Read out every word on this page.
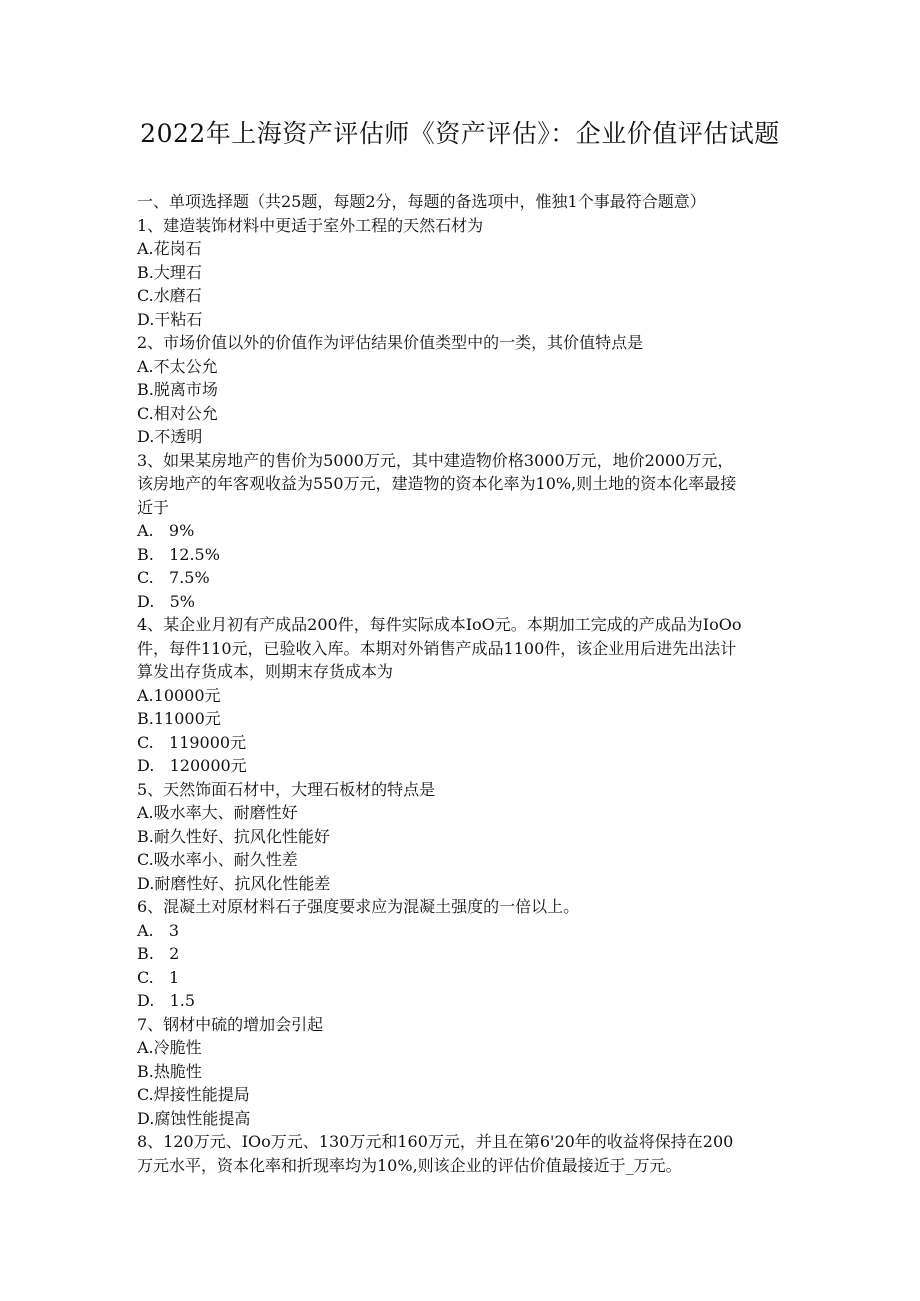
2022年上海资产评估师《资产评估》：企业价值评估试题
一、单项选择题（共25题，每题2分，每题的备选项中，惟独1个事最符合题意）
1、建造装饰材料中更适于室外工程的天然石材为
A.花岗石
B.大理石
C.水磨石
D.干粘石
2、市场价值以外的价值作为评估结果价值类型中的一类，其价值特点是
A.不太公允
B.脱离市场
C.相对公允
D.不透明
3、如果某房地产的售价为5000万元，其中建造物价格3000万元，地价2000万元，
该房地产的年客观收益为550万元，建造物的资本化率为10%,则土地的资本化率最接
近于
A.   9%
B.   12.5%
C.   7.5%
D.   5%
4、某企业月初有产成品200件，每件实际成本IoO元。本期加工完成的产成品为IoOo
件，每件110元，已验收入库。本期对外销售产成品1100件，该企业用后进先出法计
算发出存货成本，则期末存货成本为
A.10000元
B.11000元
C.   119000元
D.   120000元
5、天然饰面石材中，大理石板材的特点是
A.吸水率大、耐磨性好
B.耐久性好、抗风化性能好
C.吸水率小、耐久性差
D.耐磨性好、抗风化性能差
6、混凝土对原材料石子强度要求应为混凝土强度的一倍以上。
A.   3
B.   2
C.   1
D.   1.5
7、钢材中硫的增加会引起
A.冷脆性
B.热脆性
C.焊接性能提局
D.腐蚀性能提高
8、120万元、IOo万元、130万元和160万元，并且在第6'20年的收益将保持在200
万元水平，资本化率和折现率均为10%,则该企业的评估价值最接近于_万元。
